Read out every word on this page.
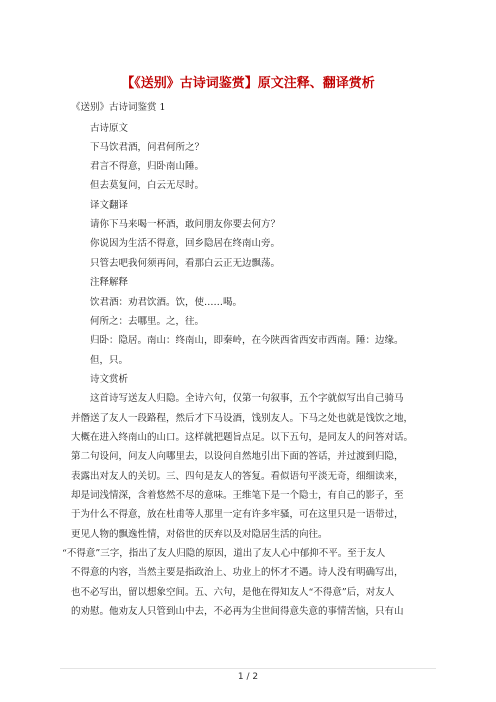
【《送别》古诗词鉴赏】原文注释、翻译赏析
《送别》古诗词鉴赏 1
古诗原文
下马饮君酒，问君何所之？
君言不得意，归卧南山陲。
但去莫复问，白云无尽时。
译文翻译
请你下马来喝一杯酒，敢问朋友你要去何方？
你说因为生活不得意，回乡隐居在终南山旁。
只管去吧我何须再问，看那白云正无边飘荡。
注释解释
饮君酒：劝君饮酒。饮，使……喝。
何所之：去哪里。之，往。
归卧：隐居。南山：终南山，即秦岭，在今陕西省西安市西南。陲：边缘。
但，只。
诗文赏析
这首诗写送友人归隐。全诗六句，仅第一句叙事，五个字就似写出自己骑马
并僭送了友人一段路程，然后才下马设酒，饯别友人。下马之处也就是饯饮之地，
大概在进入终南山的山口。这样就把题旨点足。以下五句，是同友人的问答对话。
第二句设问，问友人向哪里去，以设问自然地引出下面的答话，并过渡到归隐，
表露出对友人的关切。三、四句是友人的答复。看似语句平淡无奇，细细读来，
却是词浅情深，含着悠然不尽的意味。王维笔下是一个隐士，有自己的影子，至
于为什么不得意，放在杜甫等人那里一定有许多牢骚，可在这里只是一语带过，
更见人物的飘逸性情，对俗世的厌弃以及对隐居生活的向往。
“不得意”三字，指出了友人归隐的原因，道出了友人心中郁抑不平。至于友人
不得意的内容，当然主要是指政治上、功业上的怀才不遇。诗人没有明确写出，
也不必写出，留以想象空间。五、六句，是他在得知友人“不得意”后，对友人
的劝慰。他劝友人只管到山中去，不必再为尘世间得意失意的事情苦恼，只有山
1 / 2
